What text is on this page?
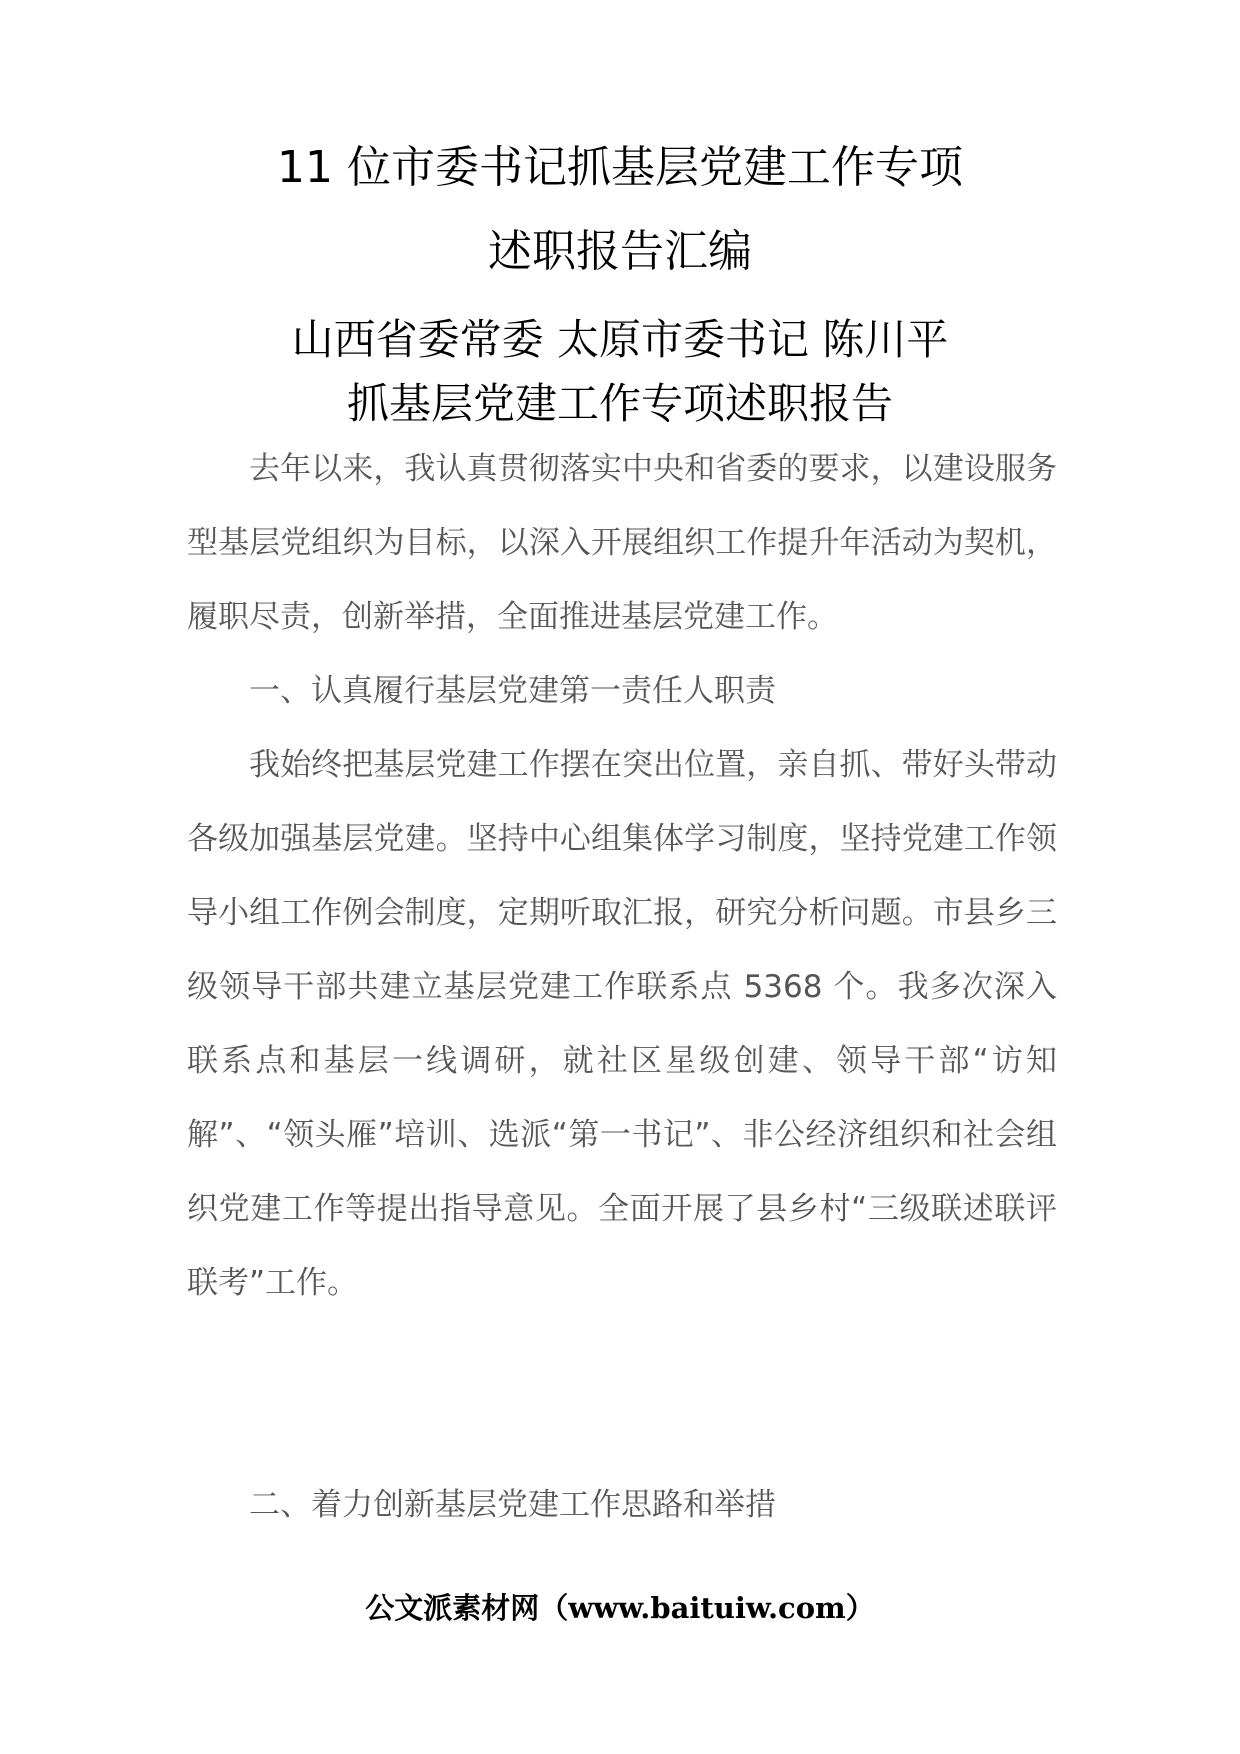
11 位市委书记抓基层党建工作专项
述职报告汇编
山西省委常委 太原市委书记 陈川平
抓基层党建工作专项述职报告

去年以来，我认真贯彻落实中央和省委的要求，以建设服务型基层党组织为目标，以深入开展组织工作提升年活动为契机，履职尽责，创新举措，全面推进基层党建工作。

一、认真履行基层党建第一责任人职责

我始终把基层党建工作摆在突出位置，亲自抓、带好头带动各级加强基层党建。坚持中心组集体学习制度，坚持党建工作领导小组工作例会制度，定期听取汇报，研究分析问题。市县乡三级领导干部共建立基层党建工作联系点 5368 个。我多次深入联系点和基层一线调研，就社区星级创建、领导干部“访知解”、“领头雁”培训、选派“第一书记”、非公经济组织和社会组织党建工作等提出指导意见。全面开展了县乡村“三级联述联评联考”工作。

二、着力创新基层党建工作思路和举措

公文派素材网（www.baituiw.com）
